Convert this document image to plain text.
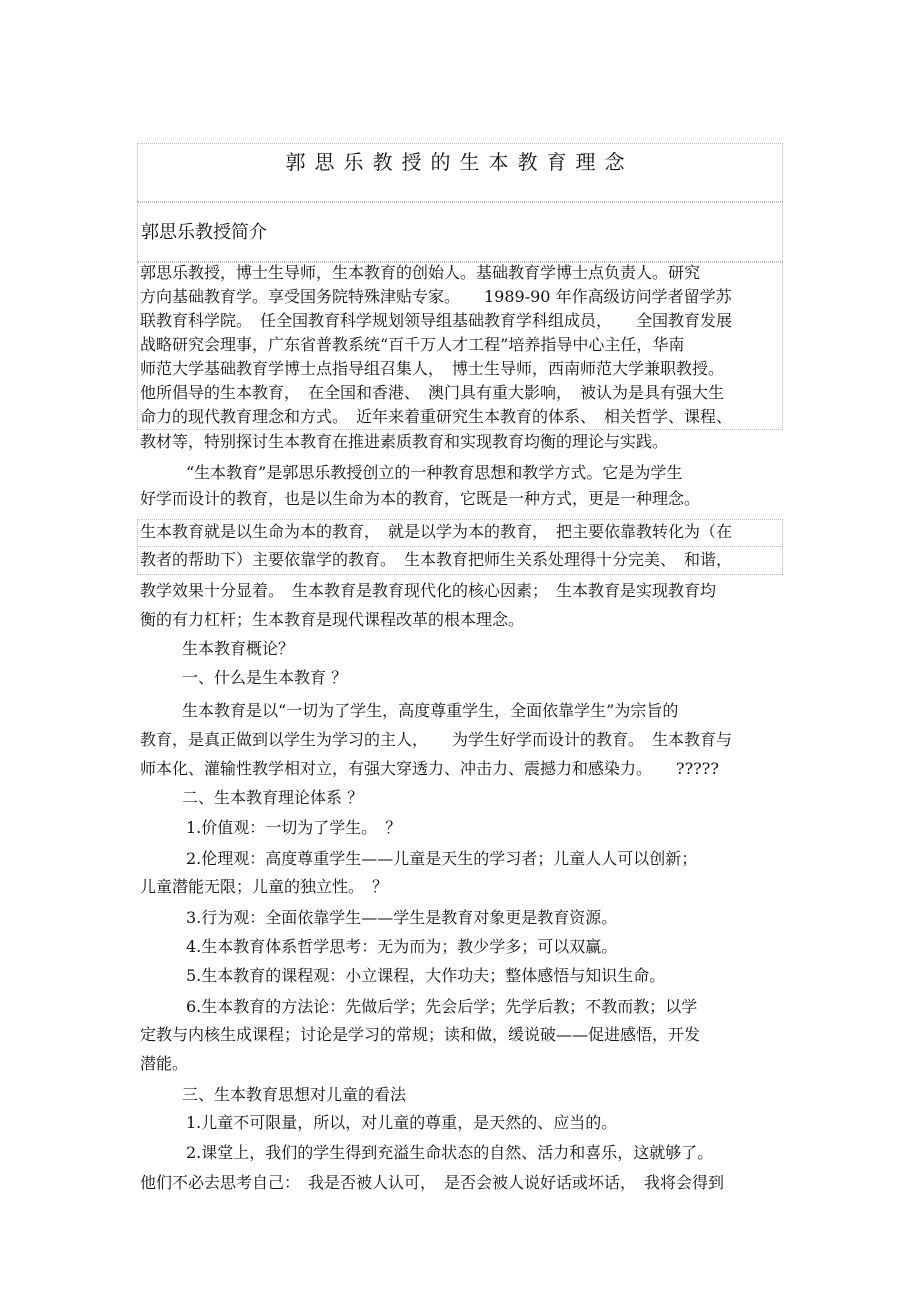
郭思乐教授的生本教育理念
郭思乐教授简介
郭思乐教授，博士生导师，生本教育的创始人。基础教育学博士点负责人。研究
方向基础教育学。享受国务院特殊津贴专家。　　1989-90 年作高级访问学者留学苏
联教育科学院。　任全国教育科学规划领导组基础教育学科组成员，　　全国教育发展
战略研究会理事，广东省普教系统“百千万人才工程”培养指导中心主任，华南
师范大学基础教育学博士点指导组召集人，　博士生导师，西南师范大学兼职教授。
他所倡导的生本教育，　在全国和香港、　澳门具有重大影响，　被认为是具有强大生
命力的现代教育理念和方式。　近年来着重研究生本教育的体系、　相关哲学、课程、
教材等，特别探讨生本教育在推进素质教育和实现教育均衡的理论与实践。
“生本教育”是郭思乐教授创立的一种教育思想和教学方式。它是为学生
好学而设计的教育，也是以生命为本的教育，它既是一种方式，更是一种理念。
生本教育就是以生命为本的教育，　就是以学为本的教育，　把主要依靠教转化为（在
教者的帮助下）主要依靠学的教育。　生本教育把师生关系处理得十分完美、　和谐，
教学效果十分显着。　生本教育是教育现代化的核心因素；　生本教育是实现教育均
衡的有力杠杆；生本教育是现代课程改革的根本理念。
生本教育概论？
一、什么是生本教育 ？
生本教育是以“一切为了学生，高度尊重学生，全面依靠学生”为宗旨的
教育，是真正做到以学生为学习的主人，　　为学生好学而设计的教育。　生本教育与
师本化、灌输性教学相对立，有强大穿透力、冲击力、震撼力和感染力。　　?????
二、生本教育理论体系 ？
1.价值观：一切为了学生。　？
2.伦理观：高度尊重学生——儿童是天生的学习者；儿童人人可以创新；
儿童潜能无限；儿童的独立性。　？
3.行为观：全面依靠学生——学生是教育对象更是教育资源。
4.生本教育体系哲学思考：无为而为；教少学多；可以双赢。
5.生本教育的课程观：小立课程，大作功夫；整体感悟与知识生命。
6.生本教育的方法论：先做后学；先会后学；先学后教；不教而教；以学
定教与内核生成课程；讨论是学习的常规；读和做，缓说破——促进感悟，开发
潜能。
三、生本教育思想对儿童的看法
1.儿童不可限量，所以，对儿童的尊重，是天然的、应当的。
2.课堂上，我们的学生得到充溢生命状态的自然、活力和喜乐，这就够了。
他们不必去思考自己：　我是否被人认可，　是否会被人说好话或坏话，　我将会得到
